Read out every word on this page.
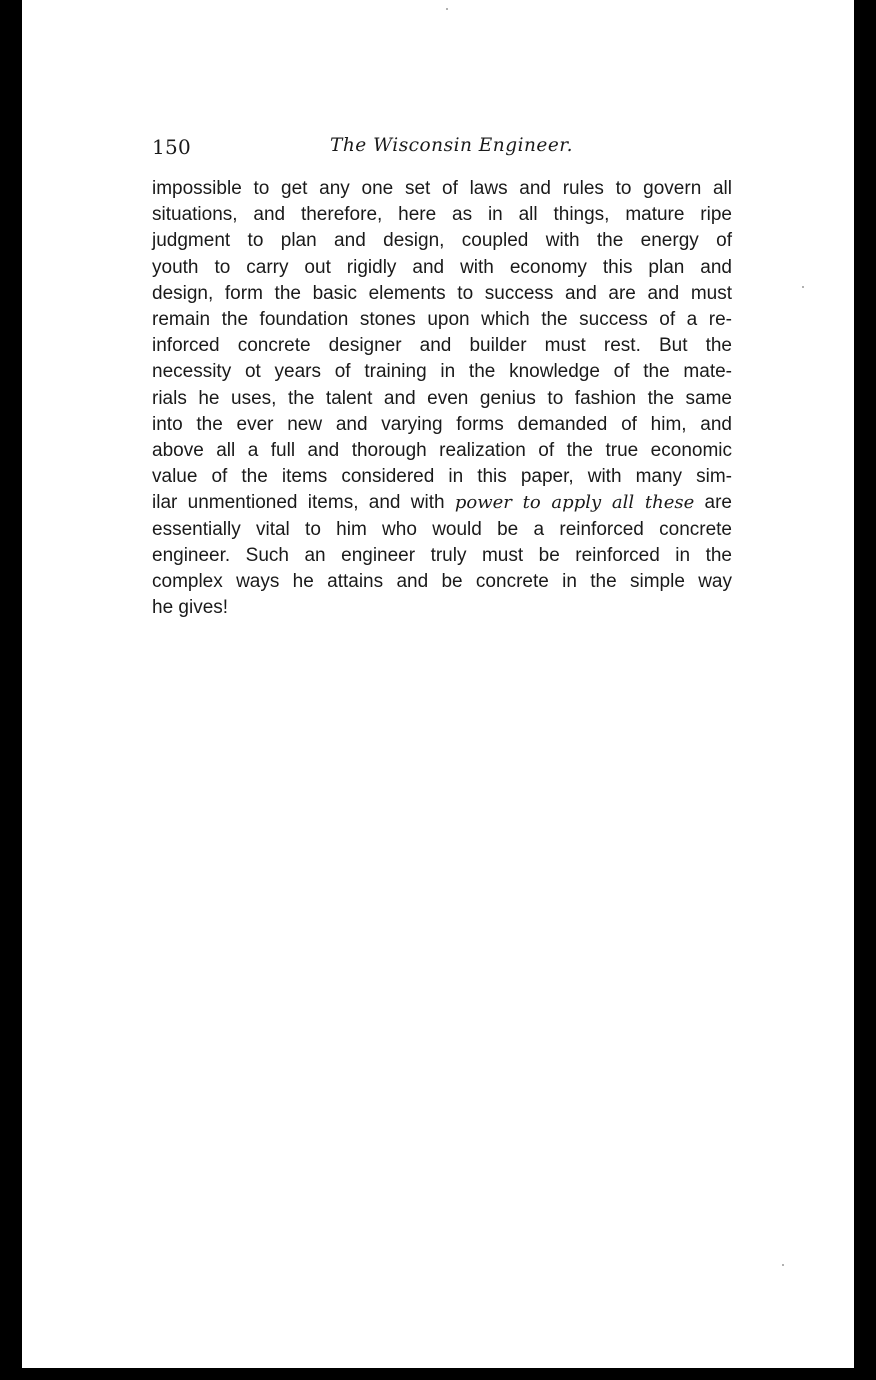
150	The Wisconsin Engineer.

impossible to get any one set of laws and rules to govern all
situations, and therefore, here as in all things, mature ripe
judgment to plan and design, coupled with the energy of
youth to carry out rigidly and with economy this plan and
design, form the basic elements to success and are and must
remain the foundation stones upon which the success of a re-
inforced concrete designer and builder must rest. But the
necessity ot years of training in the knowledge of the mate-
rials he uses, the talent and even genius to fashion the same
into the ever new and varying forms demanded of him, and
above all a full and thorough realization of the true economic
value of the items considered in this paper, with many sim-
ilar unmentioned items, and with power to apply all these are
essentially vital to him who would be a reinforced concrete
engineer. Such an engineer truly must be reinforced in the
complex ways he attains and be concrete in the simple way
he gives!
